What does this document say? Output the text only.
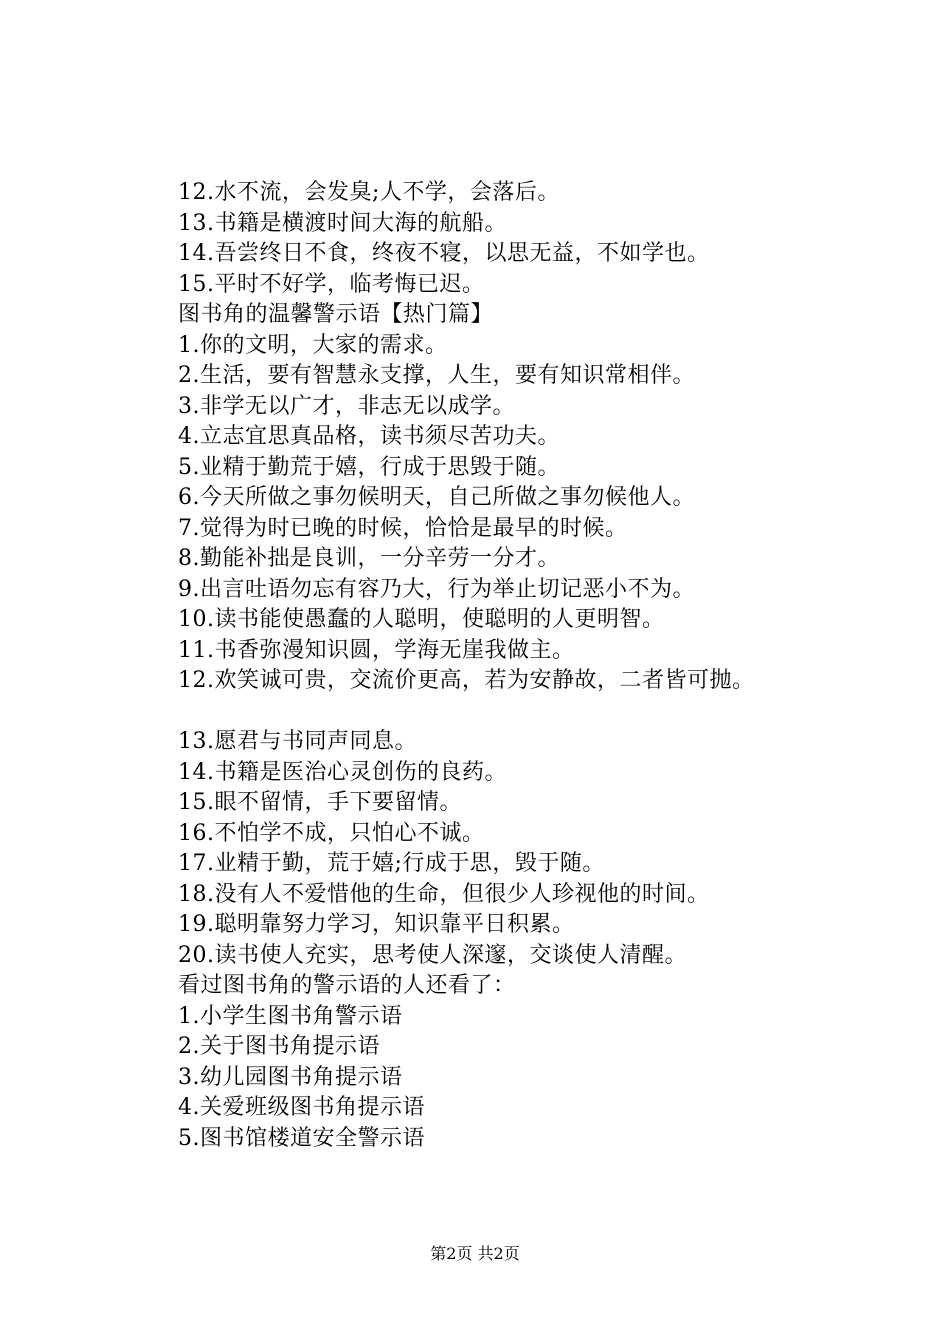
12.水不流，会发臭;人不学，会落后。
13.书籍是横渡时间大海的航船。
14.吾尝终日不食，终夜不寝，以思无益，不如学也。
15.平时不好学，临考悔已迟。
图书角的温馨警示语【热门篇】
1.你的文明，大家的需求。
2.生活，要有智慧永支撑，人生，要有知识常相伴。
3.非学无以广才，非志无以成学。
4.立志宜思真品格，读书须尽苦功夫。
5.业精于勤荒于嬉，行成于思毁于随。
6.今天所做之事勿候明天，自己所做之事勿候他人。
7.觉得为时已晚的时候，恰恰是最早的时候。
8.勤能补拙是良训，一分辛劳一分才。
9.出言吐语勿忘有容乃大，行为举止切记恶小不为。
10.读书能使愚蠢的人聪明，使聪明的人更明智。
11.书香弥漫知识圆，学海无崖我做主。
12.欢笑诚可贵，交流价更高，若为安静故，二者皆可抛。
13.愿君与书同声同息。
14.书籍是医治心灵创伤的良药。
15.眼不留情，手下要留情。
16.不怕学不成，只怕心不诚。
17.业精于勤，荒于嬉;行成于思，毁于随。
18.没有人不爱惜他的生命，但很少人珍视他的时间。
19.聪明靠努力学习，知识靠平日积累。
20.读书使人充实，思考使人深邃，交谈使人清醒。
看过图书角的警示语的人还看了：
1.小学生图书角警示语
2.关于图书角提示语
3.幼儿园图书角提示语
4.关爱班级图书角提示语
5.图书馆楼道安全警示语
第2页 共2页
